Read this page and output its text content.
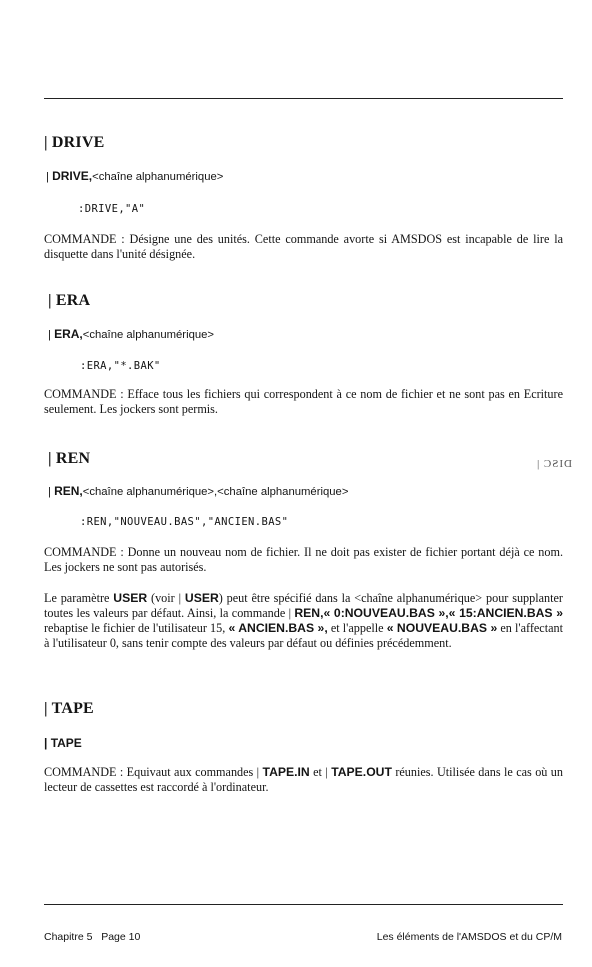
| DRIVE
| DRIVE,<chaîne alphanumérique>
:DRIVE,"A"
COMMANDE : Désigne une des unités. Cette commande avorte si AMSDOS est incapable de lire la disquette dans l'unité désignée.
| ERA
| ERA,<chaîne alphanumérique>
:ERA,"*.BAK"
COMMANDE : Efface tous les fichiers qui correspondent à ce nom de fichier et ne sont pas en Ecriture seulement. Les jockers sont permis.
| REN	DISC |
| REN,<chaîne alphanumérique>,<chaîne alphanumérique>
:REN,"NOUVEAU.BAS","ANCIEN.BAS"
COMMANDE : Donne un nouveau nom de fichier. Il ne doit pas exister de fichier portant déjà ce nom. Les jockers ne sont pas autorisés.
Le paramètre USER (voir | USER) peut être spécifié dans la <chaîne alphanumérique> pour supplanter toutes les valeurs par défaut. Ainsi, la commande | REN,« 0:NOUVEAU.BAS »,« 15:ANCIEN.BAS » rebaptise le fichier de l'utilisateur 15, « ANCIEN.BAS », et l'appelle « NOUVEAU.BAS » en l'affectant à l'utilisateur 0, sans tenir compte des valeurs par défaut ou définies précédemment.
| TAPE
| TAPE
COMMANDE : Equivaut aux commandes | TAPE.IN et | TAPE.OUT réunies. Utilisée dans le cas où un lecteur de cassettes est raccordé à l'ordinateur.
Chapitre 5   Page 10	Les éléments de l'AMSDOS et du CP/M
